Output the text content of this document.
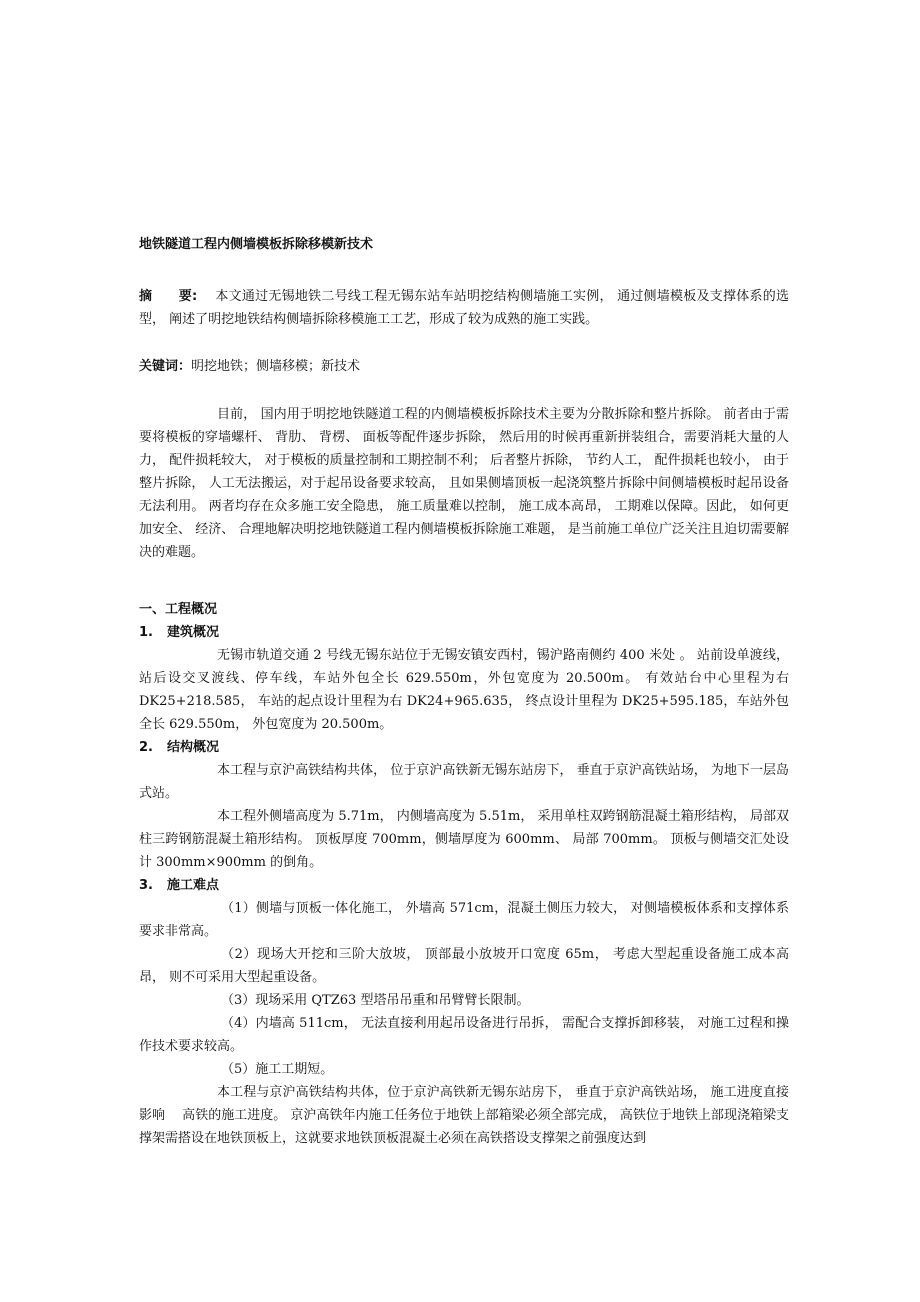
地铁隧道工程内侧墙模板拆除移模新技术
摘　　要: 本文通过无锡地铁二号线工程无锡东站车站明挖结构侧墙施工实例， 通过侧墙模板及支撑体系的选型， 阐述了明挖地铁结构侧墙拆除移模施工工艺，形成了较为成熟的施工实践。
关键词：明挖地铁；侧墙移模；新技术
目前， 国内用于明挖地铁隧道工程的内侧墙模板拆除技术主要为分散拆除和整片拆除。 前者由于需要将模板的穿墙螺杆、 背肋、 背楞、 面板等配件逐步拆除， 然后用的时候再重新拼装组合，需要消耗大量的人力， 配件损耗较大， 对于模板的质量控制和工期控制不利； 后者整片拆除， 节约人工， 配件损耗也较小， 由于整片拆除， 人工无法搬运，对于起吊设备要求较高， 且如果侧墙顶板一起浇筑整片拆除中间侧墙模板时起吊设备无法利用。 两者均存在众多施工安全隐患， 施工质量难以控制， 施工成本高昂， 工期难以保障。因此， 如何更加安全、 经济、 合理地解决明挖地铁隧道工程内侧墙模板拆除施工难题， 是当前施工单位广泛关注且迫切需要解决的难题。
一、工程概况
1. 建筑概况

无锡市轨道交通 2 号线无锡东站位于无锡安镇安西村，锡沪路南侧约 400 米处 。 站前设单渡线， 站后设交叉渡线、停车线，车站外包全长 629.550m，外包宽度为 20.500m。 有效站台中心里程为右 DK25+218.585， 车站的起点设计里程为右 DK24+965.635， 终点设计里程为 DK25+595.185，车站外包全长 629.550m， 外包宽度为 20.500m。

2. 结构概况

本工程与京沪高铁结构共体， 位于京沪高铁新无锡东站房下， 垂直于京沪高铁站场， 为地下一层岛式站。

本工程外侧墙高度为 5.71m， 内侧墙高度为 5.51m， 采用单柱双跨钢筋混凝土箱形结构， 局部双柱三跨钢筋混凝土箱形结构。 顶板厚度 700mm，侧墙厚度为 600mm、 局部 700mm。 顶板与侧墙交汇处设计 300mm×900mm 的倒角。

3. 施工难点

（1）侧墙与顶板一体化施工， 外墙高 571cm，混凝土侧压力较大， 对侧墙模板体系和支撑体系 要求非常高。

（2）现场大开挖和三阶大放坡， 顶部最小放坡开口宽度 65m， 考虑大型起重设备施工成本高昂， 则不可采用大型起重设备。

（3）现场采用 QTZ63 型塔吊吊重和吊臂臂长限制。

（4）内墙高 511cm， 无法直接利用起吊设备进行吊拆， 需配合支撑拆卸移装， 对施工过程和操作技术要求较高。

（5）施工工期短。

本工程与京沪高铁结构共体，位于京沪高铁新无锡东站房下， 垂直于京沪高铁站场， 施工进度直接影响　 高铁的施工进度。 京沪高铁年内施工任务位于地铁上部箱梁必须全部完成， 高铁位于地铁上部现浇箱梁支撑架需搭设在地铁顶板上，这就要求地铁顶板混凝土必须在高铁搭设支撑架之前强度达到
